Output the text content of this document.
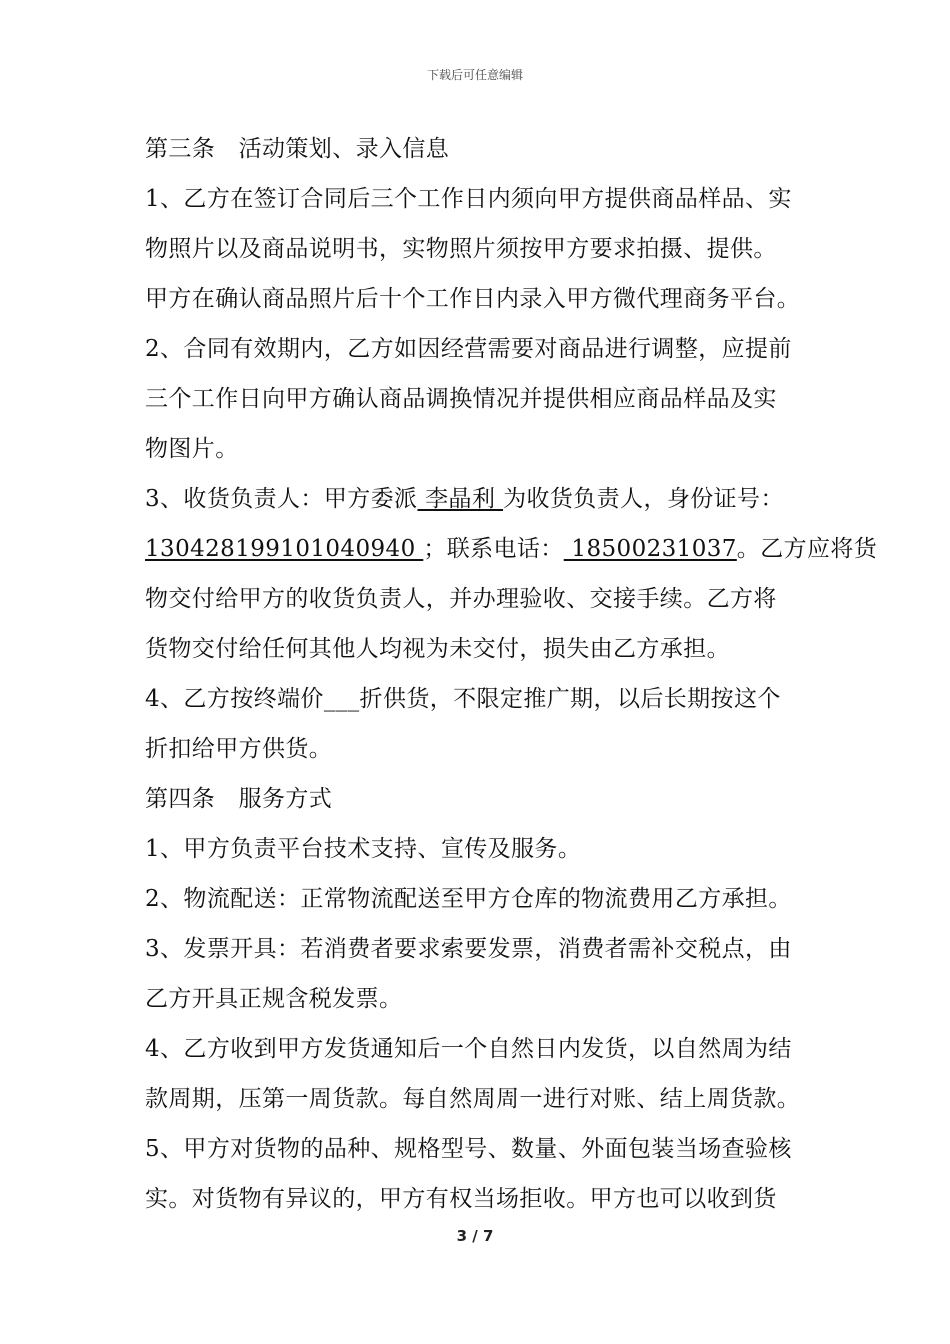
下载后可任意编辑
第三条　活动策划、录入信息
1、乙方在签订合同后三个工作日内须向甲方提供商品样品、实
物照片以及商品说明书，实物照片须按甲方要求拍摄、提供。
甲方在确认商品照片后十个工作日内录入甲方微代理商务平台。
2、合同有效期内，乙方如因经营需要对商品进行调整，应提前
三个工作日向甲方确认商品调换情况并提供相应商品样品及实
物图片。
3、收货负责人：甲方委派 李晶利 为收货负责人，身份证号：
130428199101040940 ；联系电话： 18500231037。乙方应将货
物交付给甲方的收货负责人，并办理验收、交接手续。乙方将
货物交付给任何其他人均视为未交付，损失由乙方承担。
4、乙方按终端价___折供货，不限定推广期，以后长期按这个
折扣给甲方供货。
第四条　服务方式
1、甲方负责平台技术支持、宣传及服务。
2、物流配送：正常物流配送至甲方仓库的物流费用乙方承担。
3、发票开具：若消费者要求索要发票，消费者需补交税点，由
乙方开具正规含税发票。
4、乙方收到甲方发货通知后一个自然日内发货，以自然周为结
款周期，压第一周货款。每自然周周一进行对账、结上周货款。
5、甲方对货物的品种、规格型号、数量、外面包装当场查验核
实。对货物有异议的，甲方有权当场拒收。甲方也可以收到货
3 / 7
